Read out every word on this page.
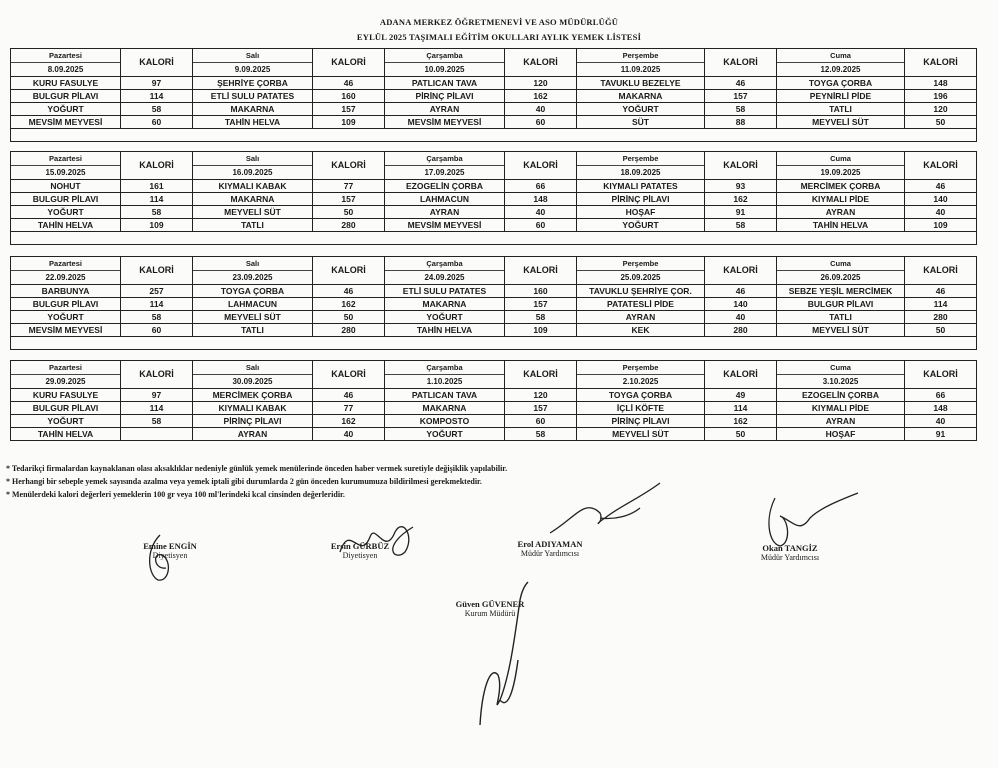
ADANA MERKEZ ÖĞRETMENEVİ VE ASO MÜDÜRLÜĞÜ
EYLÜL 2025 TAŞIMALI EĞİTİM OKULLARI AYLIK YEMEK LİSTESİ
Pazartesi	KALORİ	Salı	KALORİ	Çarşamba	KALORİ	Perşembe	KALORİ	Cuma	KALORİ
8.09.2025		9.09.2025		10.09.2025		11.09.2025		12.09.2025	
KURU FASULYE	97	ŞEHRİYE ÇORBA	46	PATLICAN TAVA	120	TAVUKLU BEZELYE	46	TOYGA ÇORBA	148
BULGUR PİLAVI	114	ETLİ SULU PATATES	160	PİRİNÇ PİLAVI	162	MAKARNA	157	PEYNİRLİ PİDE	196
YOĞURT	58	MAKARNA	157	AYRAN	40	YOĞURT	58	TATLI	120
MEVSİM MEYVESİ	60	TAHİN HELVA	109	MEVSİM MEYVESİ	60	SÜT	88	MEYVELİ SÜT	50

Pazartesi	KALORİ	Salı	KALORİ	Çarşamba	KALORİ	Perşembe	KALORİ	Cuma	KALORİ
15.09.2025		16.09.2025		17.09.2025		18.09.2025		19.09.2025	
NOHUT	161	KIYMALI KABAK	77	EZOGELİN ÇORBA	66	KIYMALI PATATES	93	MERCİMEK ÇORBA	46
BULGUR PİLAVI	114	MAKARNA	157	LAHMACUN	148	PİRİNÇ PİLAVI	162	KIYMALI PİDE	140
YOĞURT	58	MEYVELİ SÜT	50	AYRAN	40	HOŞAF	91	AYRAN	40
TAHİN HELVA	109	TATLI	280	MEVSİM MEYVESİ	60	YOĞURT	58	TAHİN HELVA	109

Pazartesi	KALORİ	Salı	KALORİ	Çarşamba	KALORİ	Perşembe	KALORİ	Cuma	KALORİ
22.09.2025		23.09.2025		24.09.2025		25.09.2025		26.09.2025	
BARBUNYA	257	TOYGA ÇORBA	46	ETLİ SULU PATATES	160	TAVUKLU ŞEHRİYE ÇOR.	46	SEBZE YEŞİL MERCİMEK	46
BULGUR PİLAVI	114	LAHMACUN	162	MAKARNA	157	PATATESLİ PİDE	140	BULGUR PİLAVI	114
YOĞURT	58	MEYVELİ SÜT	50	YOĞURT	58	AYRAN	40	TATLI	280
MEVSİM MEYVESİ	60	TATLI	280	TAHİN HELVA	109	KEK	280	MEYVELİ SÜT	50

Pazartesi	KALORİ	Salı	KALORİ	Çarşamba	KALORİ	Perşembe	KALORİ	Cuma	KALORİ
29.09.2025		30.09.2025		1.10.2025		2.10.2025		3.10.2025	
KURU FASULYE	97	MERCİMEK ÇORBA	46	PATLICAN TAVA	120	TOYGA ÇORBA	49	EZOGELİN ÇORBA	66
BULGUR PİLAVI	114	KIYMALI KABAK	77	MAKARNA	157	İÇLİ KÖFTE	114	KIYMALI PİDE	148
YOĞURT	58	PİRİNÇ PİLAVI	162	KOMPOSTO	60	PİRİNÇ PİLAVI	162	AYRAN	40
TAHİN HELVA		AYRAN	40	YOĞURT	58	MEYVELİ SÜT	50	HOŞAF	91
* Tedarikçi firmalardan kaynaklanan olası aksaklıklar nedeniyle günlük yemek menülerinde önceden haber vermek suretiyle değişiklik yapılabilir.
* Herhangi bir sebeple yemek sayısında azalma veya yemek iptali gibi durumlarda 2 gün önceden kurumumuza bildirilmesi gerekmektedir.
* Menülerdeki kalori değerleri yemeklerin 100 gr veya 100 ml'lerindeki kcal cinsinden değerleridir.
Emine ENGİN
Diyetisyen
Ersin GÜRBÜZ
Diyetisyen
Erol ADIYAMAN
Müdür Yardımcısı
Okan TANGİZ
Müdür Yardımcısı
Güven GÜVENER
Kurum Müdürü
